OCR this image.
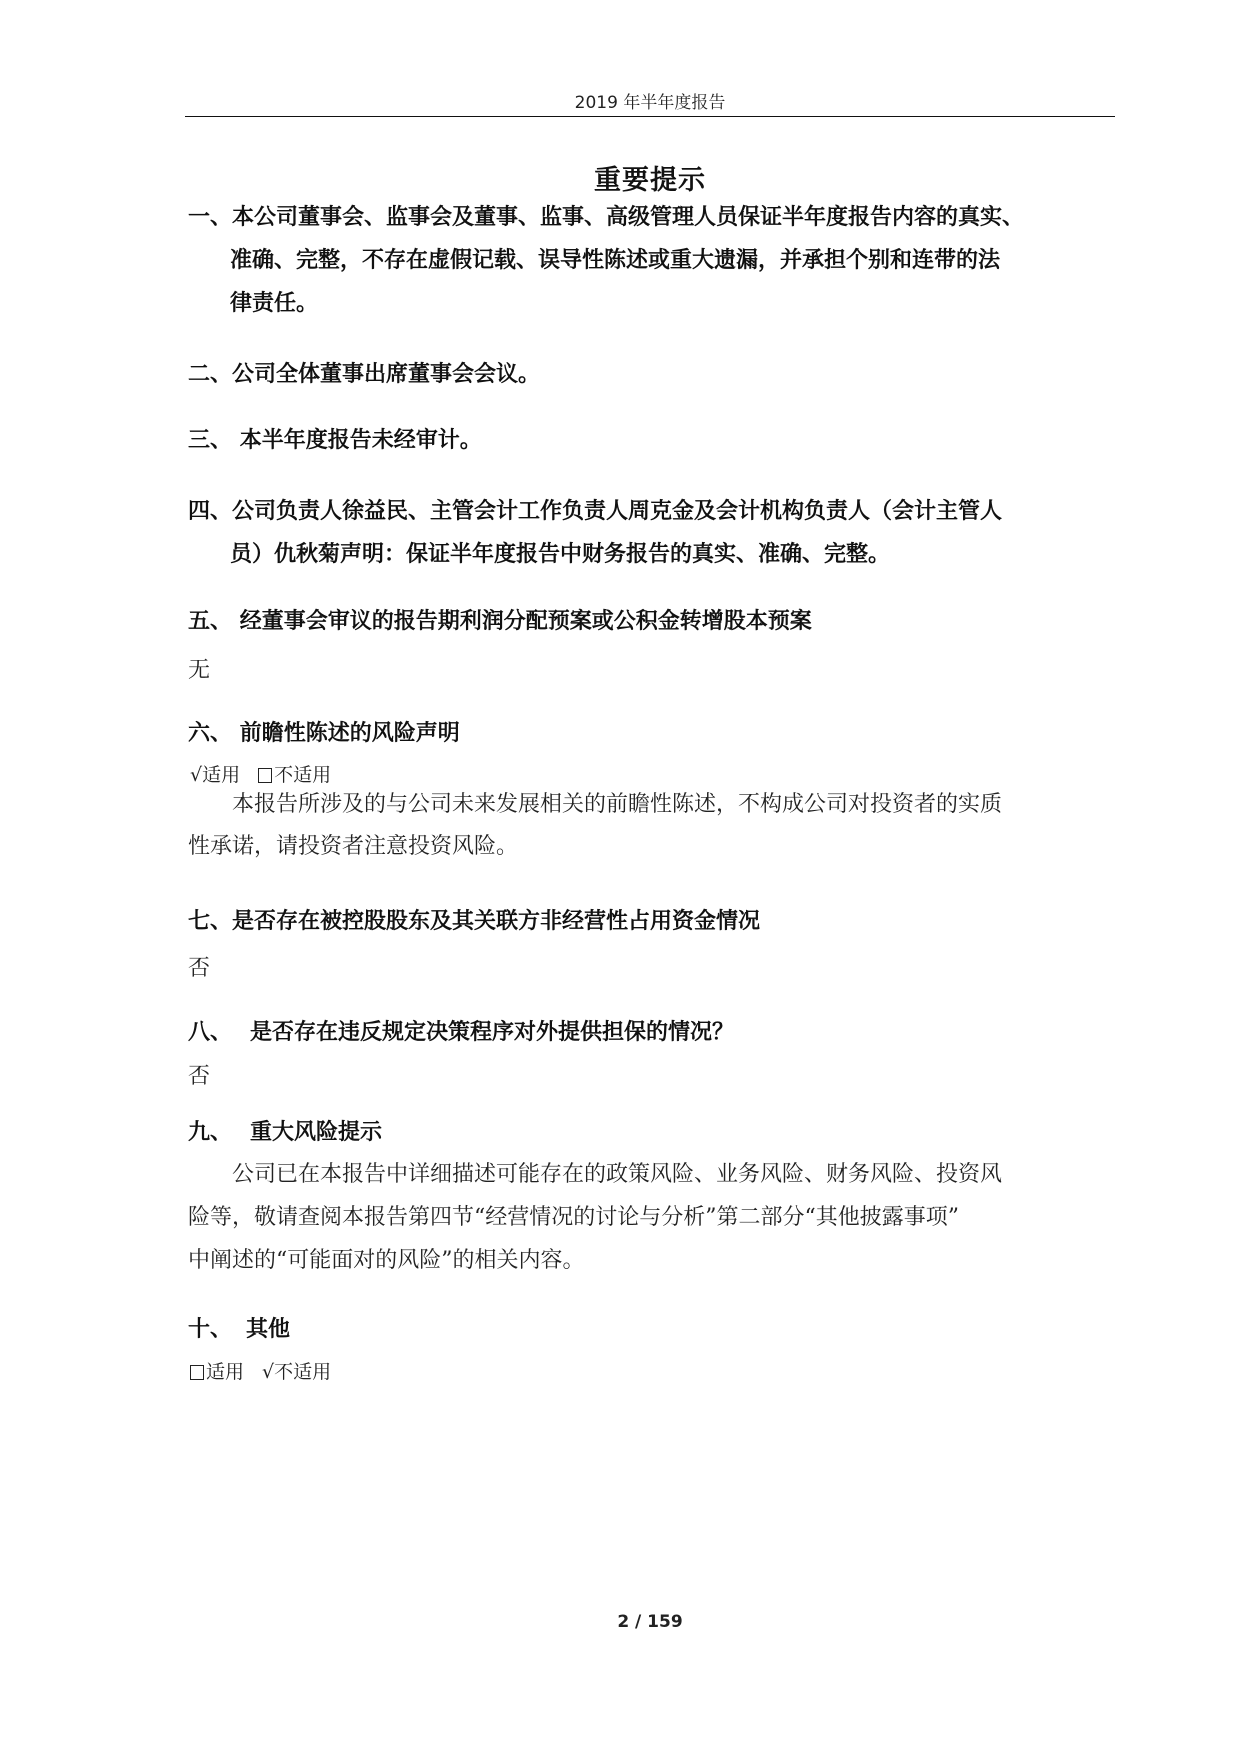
2019 年半年度报告
重要提示
一、本公司董事会、监事会及董事、监事、高级管理人员保证半年度报告内容的真实、
准确、完整，不存在虚假记载、误导性陈述或重大遗漏，并承担个别和连带的法
律责任。
二、公司全体董事出席董事会会议。
三、 本半年度报告未经审计。
四、公司负责人徐益民、主管会计工作负责人周克金及会计机构负责人（会计主管人
员）仇秋菊声明：保证半年度报告中财务报告的真实、准确、完整。
五、 经董事会审议的报告期利润分配预案或公积金转增股本预案
无
六、 前瞻性陈述的风险声明
√适用 不适用
本报告所涉及的与公司未来发展相关的前瞻性陈述，不构成公司对投资者的实质
性承诺，请投资者注意投资风险。
七、是否存在被控股股东及其关联方非经营性占用资金情况
否
八、 是否存在违反规定决策程序对外提供担保的情况？
否
九、 重大风险提示
公司已在本报告中详细描述可能存在的政策风险、业务风险、财务风险、投资风
险等，敬请查阅本报告第四节“经营情况的讨论与分析”第二部分“其他披露事项”
中阐述的“可能面对的风险”的相关内容。
十、 其他
适用 √不适用
2 / 159
